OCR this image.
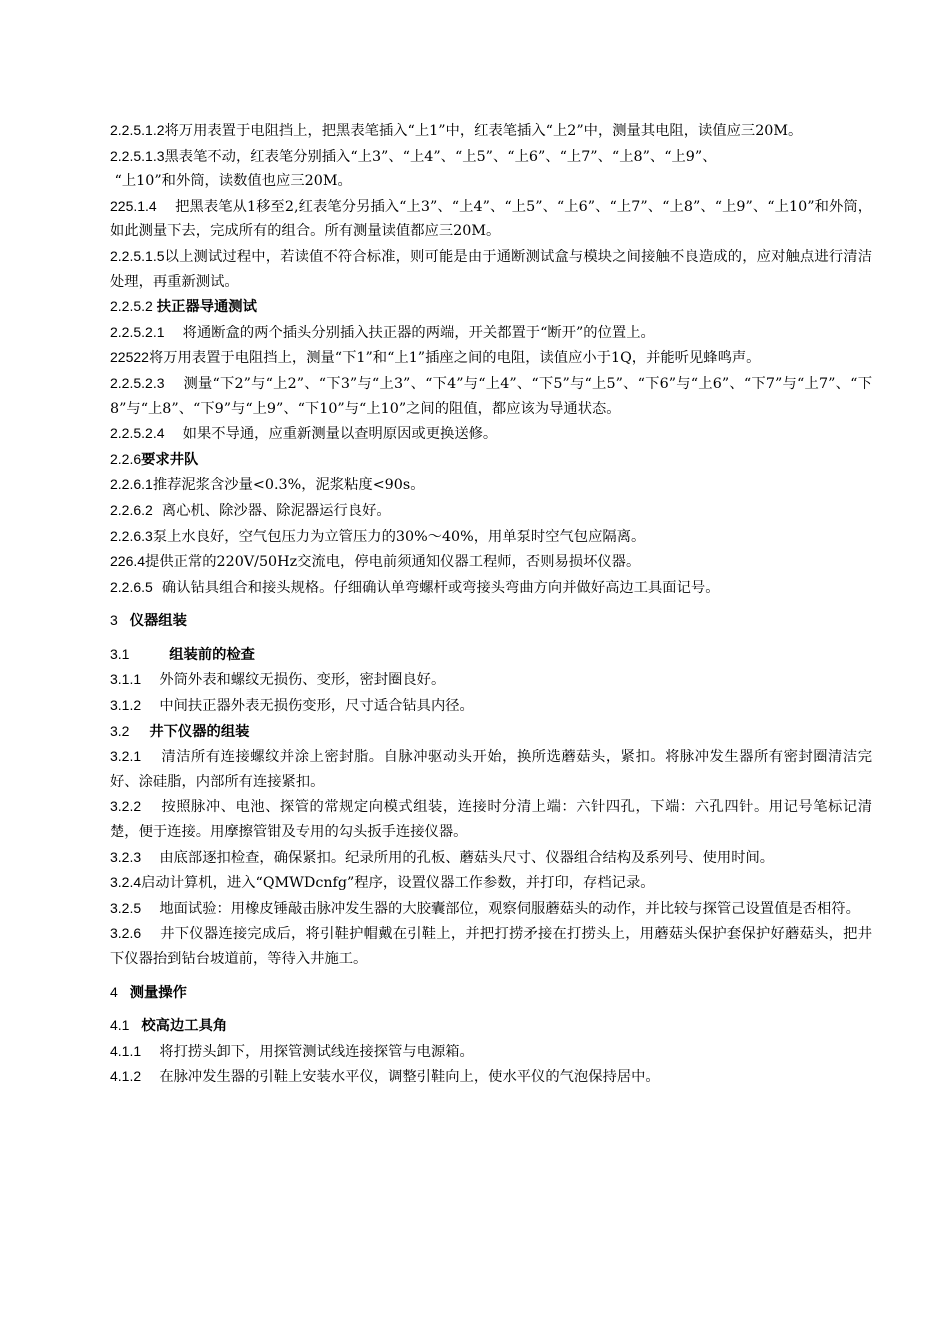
2.2.5.1.2将万用表置于电阻挡上，把黑表笔插入“上1”中，红表笔插入“上2”中，测量其电阻，读值应三20M。
2.2.5.1.3黑表笔不动，红表笔分别插入“上3”、“上4”、“上5”、“上6”、“上7”、“上8”、“上9”、
“上10”和外筒，读数值也应三20M。
225.1.4    把黑表笔从1移至2,红表笔分另插入“上3”、“上4”、“上5”、“上6”、“上7”、“上8”、“上9”、“上10”和外筒，如此测量下去，完成所有的组合。所有测量读值都应三20M。
2.2.5.1.5以上测试过程中，若读值不符合标准，则可能是由于通断测试盒与模块之间接触不良造成的，应对触点进行清洁处理，再重新测试。
2.2.5.2 扶正器导通测试
2.2.5.2.1    将通断盒的两个插头分别插入扶正器的两端，开关都置于“断开”的位置上。
22522将万用表置于电阻挡上，测量“下1”和“上1”插座之间的电阻，读值应小于1Q，并能听见蜂鸣声。
2.2.5.2.3    测量“下2”与“上2”、“下3”与“上3”、“下4”与“上4”、“下5”与“上5”、“下6”与“上6”、“下7”与“上7”、“下8”与“上8”、“下9”与“上9”、“下10”与“上10”之间的阻值，都应该为导通状态。
2.2.5.2.4    如果不导通，应重新测量以查明原因或更换送修。
2.2.6要求井队
2.2.6.1推荐泥浆含沙量<0.3%，泥浆粘度<90s。
2.2.6.2  离心机、除沙器、除泥器运行良好。
2.2.6.3泵上水良好，空气包压力为立管压力的30%〜40%，用单泵时空气包应隔离。
226.4提供正常的220V/50Hz交流电，停电前须通知仪器工程师，否则易损坏仪器。
2.2.6.5  确认钻具组合和接头规格。仔细确认单弯螺杆或弯接头弯曲方向并做好高边工具面记号。
3   仪器组装
3.1          组装前的检查
3.1.1    外筒外表和螺纹无损伤、变形，密封圈良好。
3.1.2    中间扶正器外表无损伤变形，尺寸适合钻具内径。
3.2     井下仪器的组装
3.2.1    清洁所有连接螺纹并涂上密封脂。自脉冲驱动头开始，换所选蘑菇头，紧扣。将脉冲发生器所有密封圈清洁完好、涂硅脂，内部所有连接紧扣。
3.2.2    按照脉冲、电池、探管的常规定向模式组装，连接时分清上端：六针四孔，下端：六孔四针。用记号笔标记清楚，便于连接。用摩擦管钳及专用的勾头扳手连接仪器。
3.2.3    由底部逐扣检查，确保紧扣。纪录所用的孔板、蘑菇头尺寸、仪器组合结构及系列号、使用时间。
3.2.4启动计算机，进入“QMWDcnfg”程序，设置仪器工作参数，并打印，存档记录。
3.2.5    地面试验：用橡皮锤敲击脉冲发生器的大胶囊部位，观察伺服蘑菇头的动作，并比较与探管己设置值是否相符。
3.2.6    井下仪器连接完成后，将引鞋护帽戴在引鞋上，并把打捞矛接在打捞头上，用蘑菇头保护套保护好蘑菇头，把井下仪器抬到钻台坡道前，等待入井施工。
4   测量操作
4.1   校高边工具角
4.1.1    将打捞头卸下，用探管测试线连接探管与电源箱。
4.1.2    在脉冲发生器的引鞋上安装水平仪，调整引鞋向上，使水平仪的气泡保持居中。
